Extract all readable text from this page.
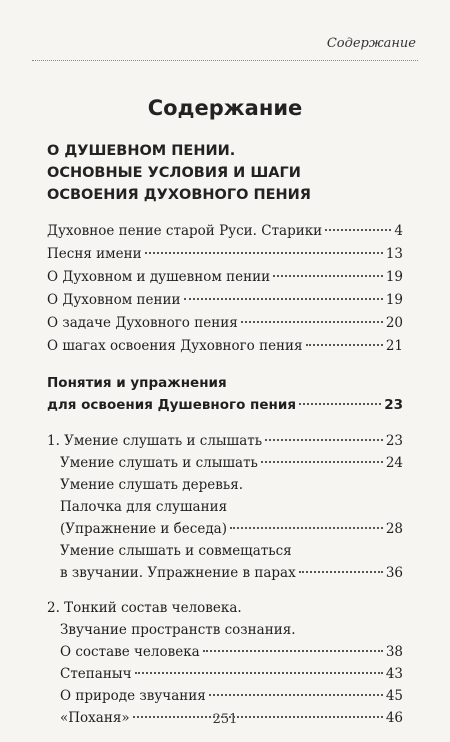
Содержание
Содержание
О ДУШЕВНОМ ПЕНИИ.
ОСНОВНЫЕ УСЛОВИЯ И ШАГИ
ОСВОЕНИЯ ДУХОВНОГО ПЕНИЯ
Духовное пение старой Руси. Старики	4
Песня имени	13
О Духовном и душевном пении	19
О Духовном пении	19
О задаче Духовного пения	20
О шагах освоения Духовного пения	21
Понятия и упражнения
для освоения Душевного пения	23
1. Умение слушать и слышать	23
Умение слушать и слышать	24
Умение слушать деревья.
Палочка для слушания
(Упражнение и беседа)	28
Умение слышать и совмещаться
в звучании. Упражнение в парах	36
2. Тонкий состав человека.
Звучание пространств сознания.
О составе человека	38
Степаныч	43
О природе звучания	45
251
«Поханя»	46
